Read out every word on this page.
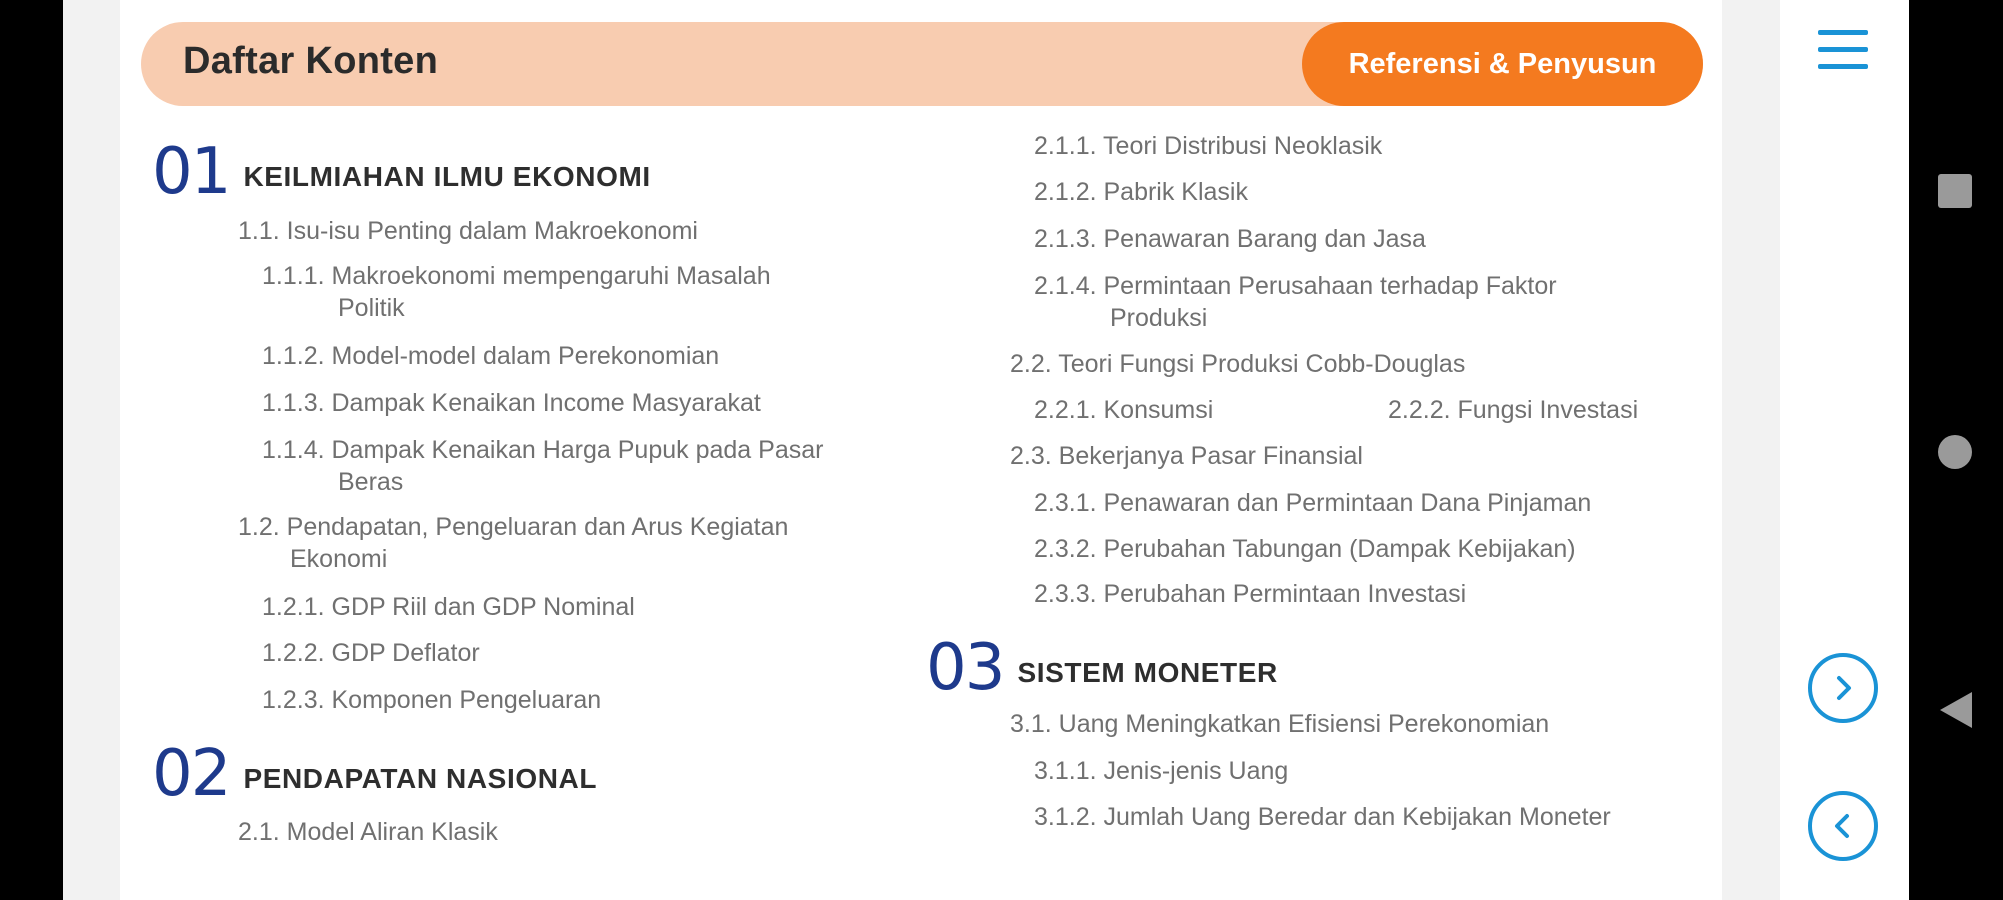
Daftar Konten	Referensi & Penyusun
01 KEILMIAHAN ILMU EKONOMI
1.1. Isu-isu Penting dalam Makroekonomi
1.1.1. Makroekonomi mempengaruhi Masalah
Politik
1.1.2. Model-model dalam Perekonomian
1.1.3. Dampak Kenaikan Income Masyarakat
1.1.4. Dampak Kenaikan Harga Pupuk pada Pasar
Beras
1.2. Pendapatan, Pengeluaran dan Arus Kegiatan
Ekonomi
1.2.1. GDP Riil dan GDP Nominal
1.2.2. GDP Deflator
1.2.3. Komponen Pengeluaran
02 PENDAPATAN NASIONAL
2.1. Model Aliran Klasik
2.1.1. Teori Distribusi Neoklasik
2.1.2. Pabrik Klasik
2.1.3. Penawaran Barang dan Jasa
2.1.4. Permintaan Perusahaan terhadap Faktor
Produksi
2.2. Teori Fungsi Produksi Cobb-Douglas
2.2.1. Konsumsi	2.2.2. Fungsi Investasi
2.3. Bekerjanya Pasar Finansial
2.3.1. Penawaran dan Permintaan Dana Pinjaman
2.3.2. Perubahan Tabungan (Dampak Kebijakan)
2.3.3. Perubahan Permintaan Investasi
03 SISTEM MONETER
3.1. Uang Meningkatkan Efisiensi Perekonomian
3.1.1. Jenis-jenis Uang
3.1.2. Jumlah Uang Beredar dan Kebijakan Moneter
